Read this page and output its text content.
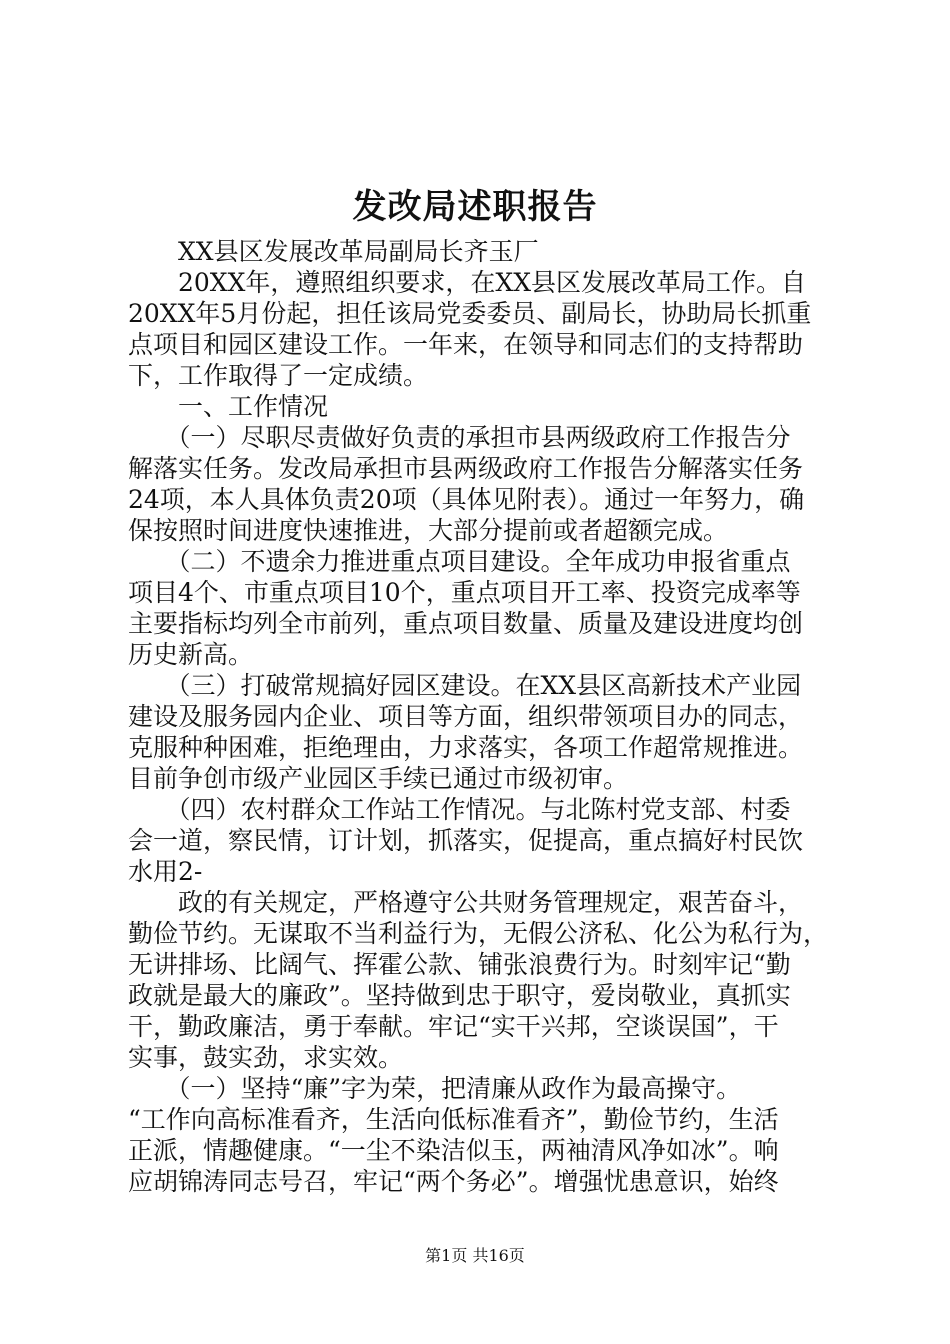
发改局述职报告
　　XX县区发展改革局副局长齐玉厂
　　20XX年，遵照组织要求，在XX县区发展改革局工作。自
20XX年5月份起，担任该局党委委员、副局长，协助局长抓重
点项目和园区建设工作。一年来，在领导和同志们的支持帮助
下，工作取得了一定成绩。
　　一、工作情况
　　（一）尽职尽责做好负责的承担市县两级政府工作报告分
解落实任务。发改局承担市县两级政府工作报告分解落实任务
24项，本人具体负责20项（具体见附表）。通过一年努力，确
保按照时间进度快速推进，大部分提前或者超额完成。
　　（二）不遗余力推进重点项目建设。全年成功申报省重点
项目4个、市重点项目10个，重点项目开工率、投资完成率等
主要指标均列全市前列，重点项目数量、质量及建设进度均创
历史新高。
　　（三）打破常规搞好园区建设。在XX县区高新技术产业园
建设及服务园内企业、项目等方面，组织带领项目办的同志，
克服种种困难，拒绝理由，力求落实，各项工作超常规推进。
目前争创市级产业园区手续已通过市级初审。
　　（四）农村群众工作站工作情况。与北陈村党支部、村委
会一道，察民情，订计划，抓落实，促提高，重点搞好村民饮
水用2-
　　政的有关规定，严格遵守公共财务管理规定，艰苦奋斗，
勤俭节约。无谋取不当利益行为，无假公济私、化公为私行为，
无讲排场、比阔气、挥霍公款、铺张浪费行为。时刻牢记“勤
政就是最大的廉政”。坚持做到忠于职守，爱岗敬业，真抓实
干，勤政廉洁，勇于奉献。牢记“实干兴邦，空谈误国”，干
实事，鼓实劲，求实效。
　　（一）坚持“廉”字为荣，把清廉从政作为最高操守。
“工作向高标准看齐，生活向低标准看齐”，勤俭节约，生活
正派，情趣健康。“一尘不染洁似玉，两袖清风净如冰”。响
应胡锦涛同志号召，牢记“两个务必”。增强忧患意识，始终
第1页 共16页
